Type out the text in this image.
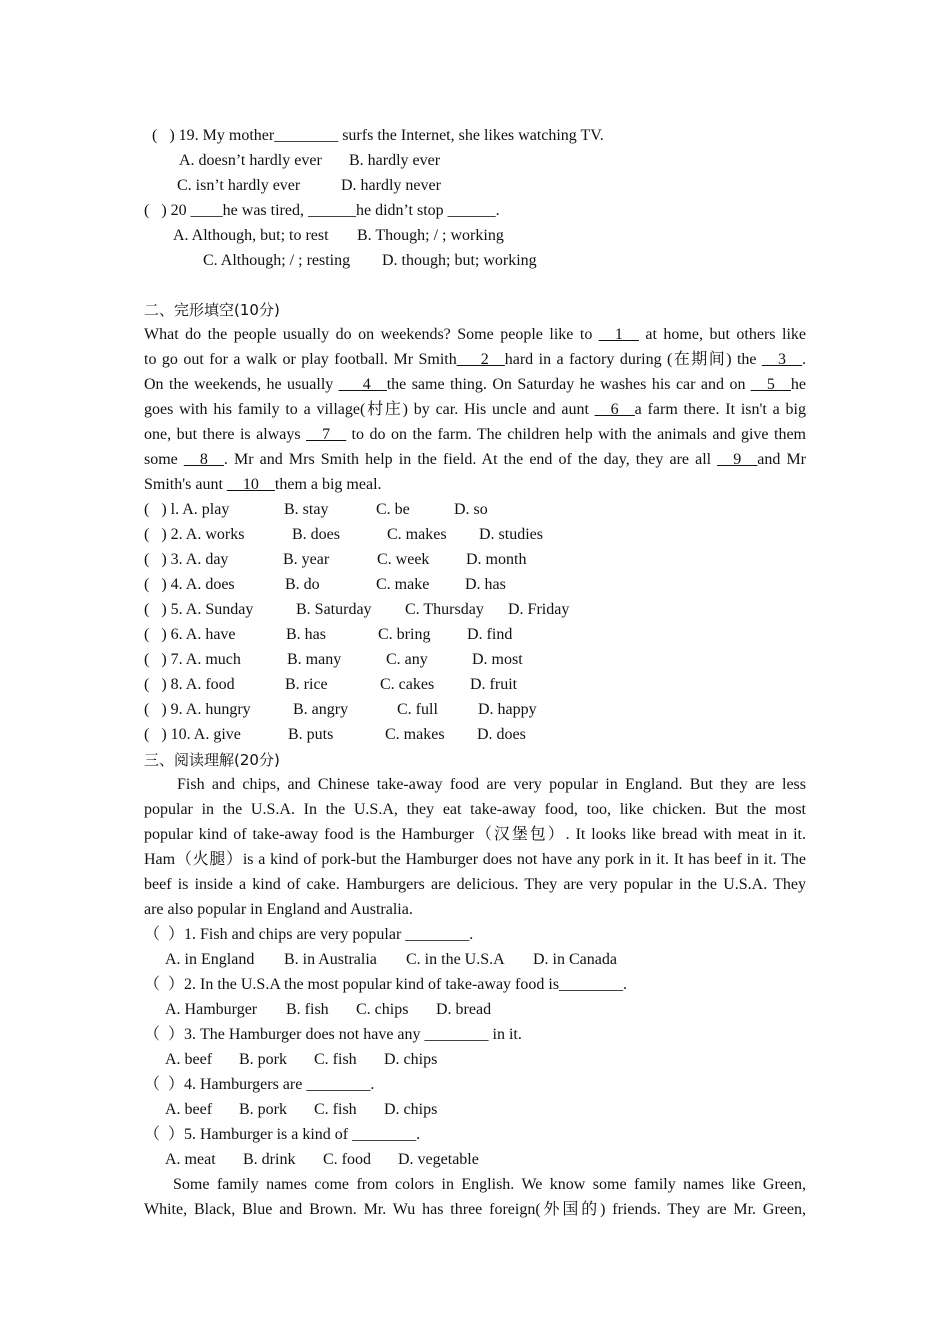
(   ) 19. My mother________ surfs the Internet, she likes watching TV.
A. doesn’t hardly ever B. hardly ever
C. isn’t hardly ever	D. hardly never
(   ) 20 ____he was tired, ______he didn’t stop ______.
A. Although, but; to rest B. Though; / ; working
C. Although; / ; resting D. though; but; working
二、完形填空(10分)
What do the people usually do on weekends? Some people like to __1__ at home, but others like
to go out for a walk or play football. Mr Smith___2__hard in a factory during (在期间) the __3__.
On the weekends, he usually ___4__the same thing. On Saturday he washes his car and on __5__he
goes with his family to a village(村庄) by car. His uncle and aunt __6__a farm there. It isn't a big
one, but there is always __7__ to do on the farm. The children help with the animals and give them
some __8__. Mr and Mrs Smith help in the field. At the end of the day, they are all __9__and Mr
Smith's aunt __10__them a big meal.
(   ) l. A. play	B. stay	C. be	D. so
(   ) 2. A. works	B. does	C. makes D. studies
(   ) 3. A. day	B. year	C. week D. month
(   ) 4. A. does	B. do	C. make D. has
(   ) 5. A. Sunday	B. Saturday C. Thursday D. Friday
(   ) 6. A. have	B. has	C. bring D. find
(   ) 7. A. much	B. many	C. any	D. most
(   ) 8. A. food	B. rice	C. cakes D. fruit
(   ) 9. A. hungry	B. angry	C. full	D. happy
(   ) 10. A. give	B. puts	C. makes D. does
三、阅读理解(20分)
Fish and chips, and Chinese take-away food are very popular in England. But they are less
popular in the U.S.A. In the U.S.A, they eat take-away food, too, like chicken. But the most
popular kind of take-away food is the Hamburger（汉堡包）. It looks like bread with meat in it.
Ham（火腿）is a kind of pork-but the Hamburger does not have any pork in it. It has beef in it. The
beef is inside a kind of cake. Hamburgers are delicious. They are very popular in the U.S.A. They
are also popular in England and Australia.
（  ）1. Fish and chips are very popular ________.
A. in England B. in Australia C. in the U.S.A D. in Canada
（  ）2. In the U.S.A the most popular kind of take-away food is________.
A. Hamburger B. fish C. chips D. bread
（  ）3. The Hamburger does not have any ________ in it.
A. beef B. pork C. fish D. chips
（  ）4. Hamburgers are ________.
A. beef B. pork C. fish D. chips
（  ）5. Hamburger is a kind of ________.
A. meat B. drink C. food D. vegetable
Some family names come from colors in English. We know some family names like Green,
White, Black, Blue and Brown. Mr. Wu has three foreign(外国的) friends. They are Mr. Green,
